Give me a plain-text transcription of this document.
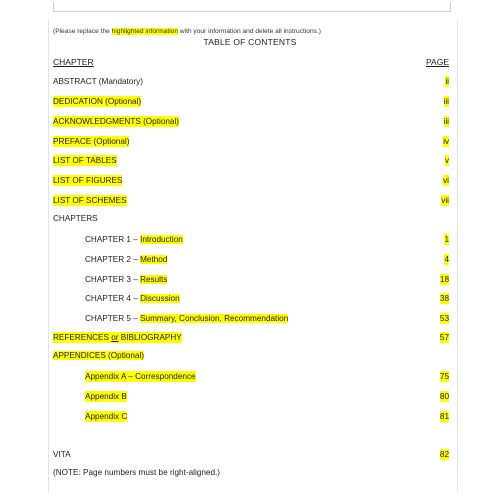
(Please replace the highlighted information with your information and delete all instructions.)
TABLE OF CONTENTS
CHAPTER	PAGE
ABSTRACT (Mandatory)	ii
DEDICATION (Optional)	iii
ACKNOWLEDGMENTS (Optional)	iii
PREFACE (Optional)	iv
LIST OF TABLES	v
LIST OF FIGURES	vi
LIST OF SCHEMES	vii
CHAPTERS
CHAPTER 1 – Introduction	1
CHAPTER 2 – Method	4
CHAPTER 3 – Results	18
CHAPTER 4 – Discussion	38
CHAPTER 5 – Summary, Conclusion, Recommendation	53
REFERENCES or BIBLIOGRAPHY	57
APPENDICES (Optional)
Appendix A – Correspondence	75
Appendix B	80
Appendix C	81
VITA	82
(NOTE: Page numbers must be right-aligned.)
